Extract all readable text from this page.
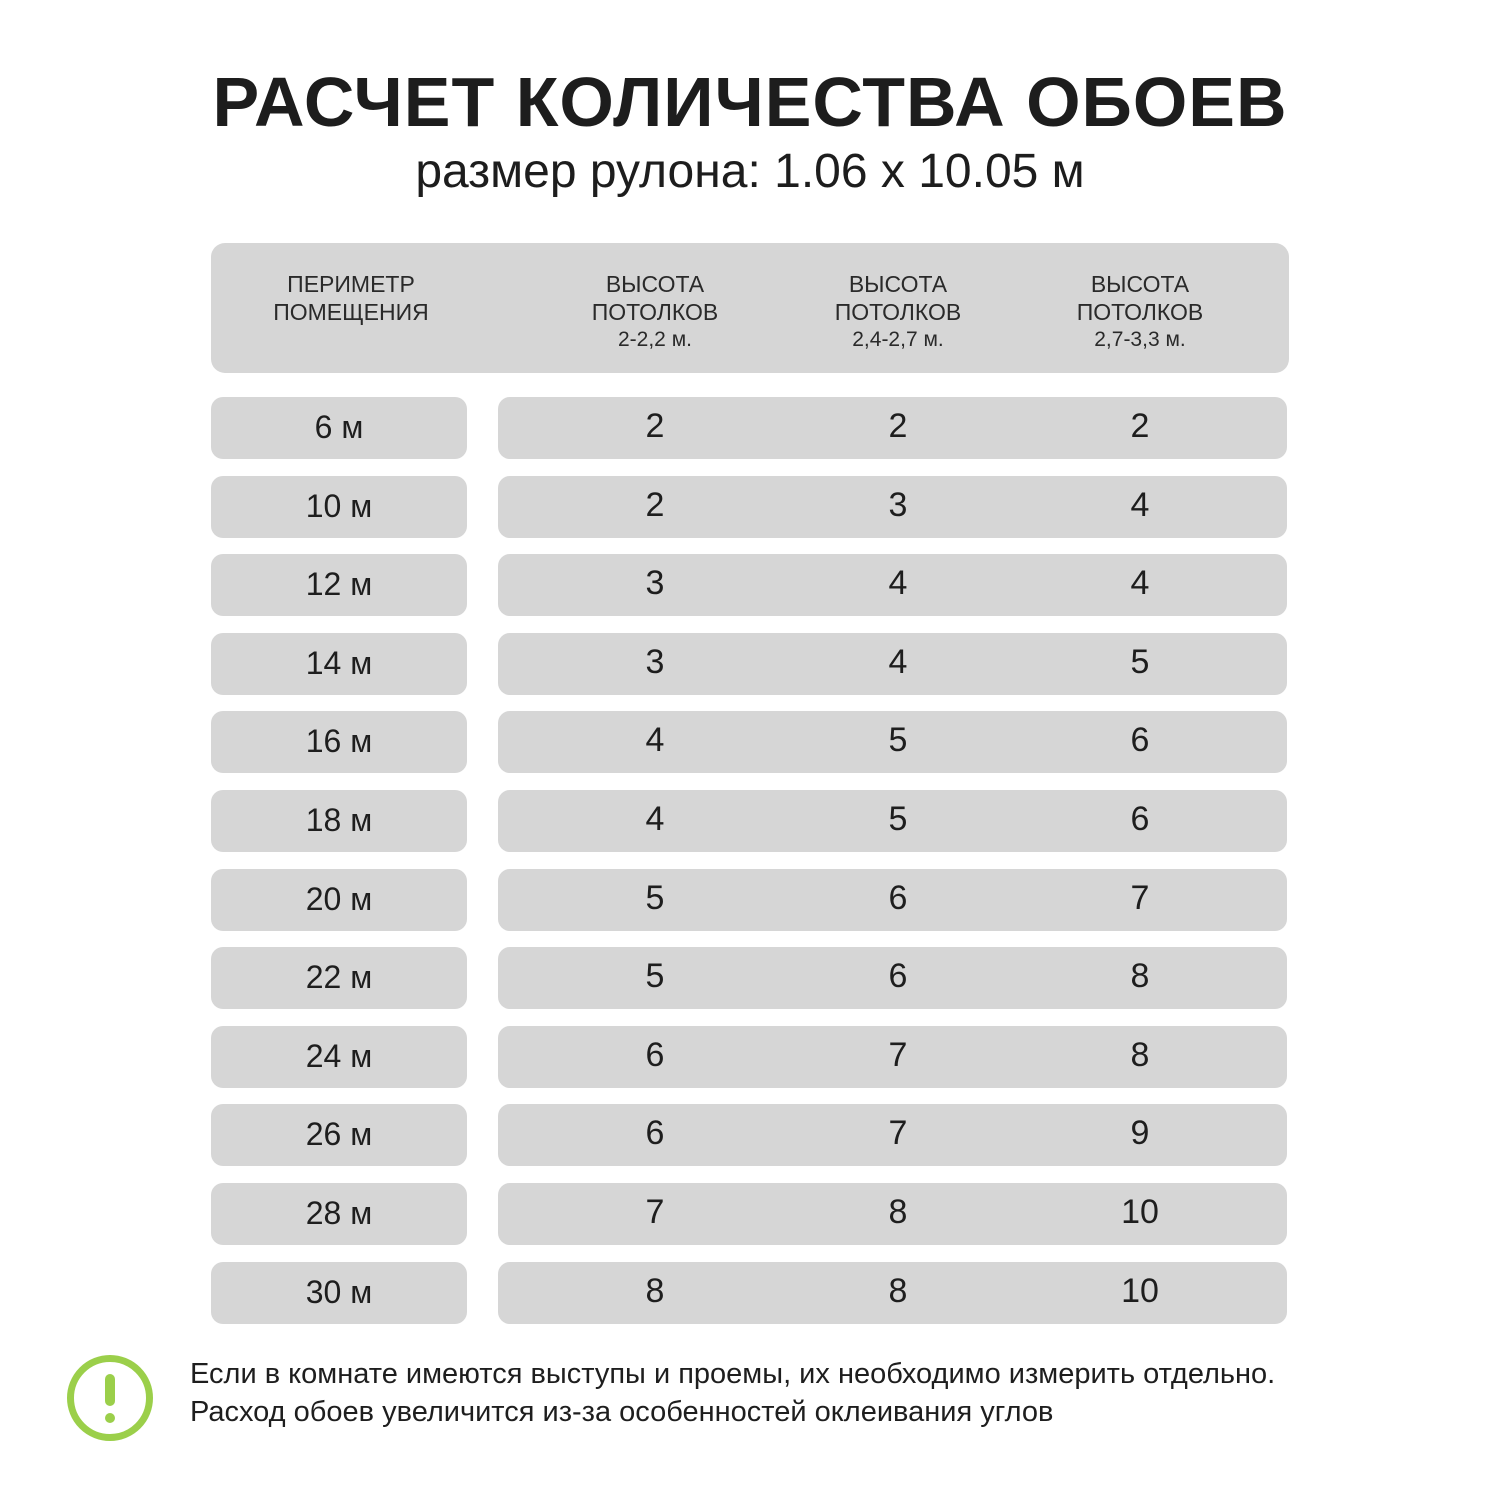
РАСЧЕТ КОЛИЧЕСТВА ОБОЕВ
размер рулона: 1.06 х 10.05 м
ПЕРИМЕТР ПОМЕЩЕНИЯ
ВЫСОТА ПОТОЛКОВ
2-2,2 м.
ВЫСОТА ПОТОЛКОВ
2,4-2,7 м.
ВЫСОТА ПОТОЛКОВ
2,7-3,3 м.
6 м	2	2	2
10 м	2	3	4
12 м	3	4	4
14 м	3	4	5
16 м	4	5	6
18 м	4	5	6
20 м	5	6	7
22 м	5	6	8
24 м	6	7	8
26 м	6	7	9
28 м	7	8	10
30 м	8	8	10
Если в комнате имеются выступы и проемы, их необходимо измерить отдельно.
Расход обоев увеличится из-за особенностей оклеивания углов
